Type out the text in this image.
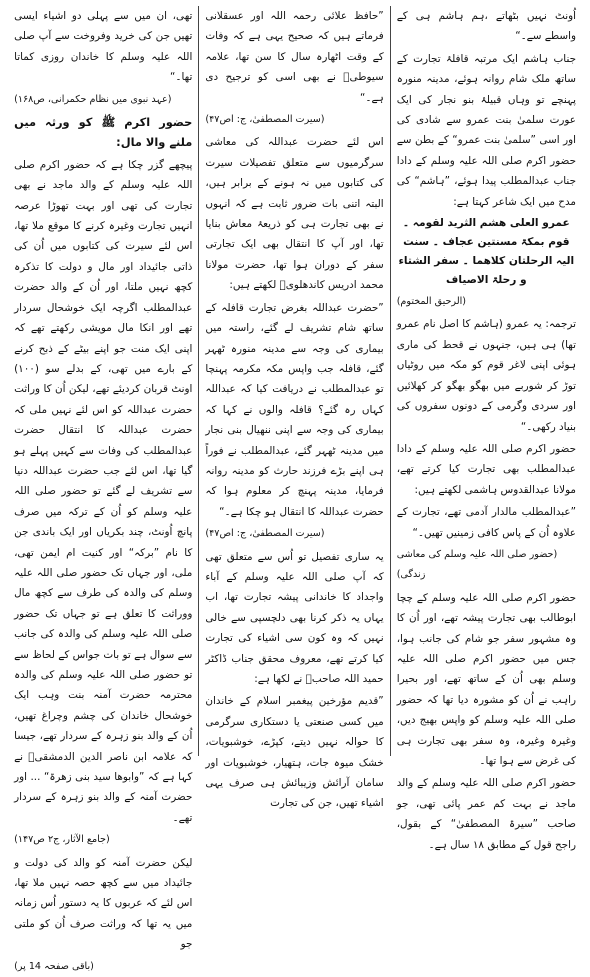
اُونٹ نہیں بٹھاتے ،ہم ہاشم ہی کے واسطے سے۔“

جناب ہاشم ایک مرتبہ قافلۂ تجارت کے ساتھ ملک شام روانہ ہوئے، مدینہ منورہ پہنچے تو وہاں قبیلۂ بنو نجار کی ایک عورت سلمیٰ بنت عمرو سے شادی کی اور اسی ”سلمیٰ بنت عمرو“ کے بطن سے حضور اکرم صلی اللہ علیہ وسلم کے دادا جناب عبدالمطلب پیدا ہوئے، ”ہاشم“ کی مدح میں ایک شاعر کہتا ہے:

عمرو العلی ھشم الثرید لقومہ ۔ قوم بمکۃ مسنتین عجاف ۔ سنت الیہ الرحلتان کلاھما ۔ سفر الشتاء و رحلۃ الاصیاف

(الرحیق المختوم)

ترجمہ: یہ عمرو (ہاشم کا اصل نام عمرو تھا) ہی ہیں، جنہوں نے قحط کی ماری ہوئی اپنی لاغر قوم کو مکہ میں روٹیاں توڑ کر شوربے میں بھگو بھگو کر کھلائیں اور سردی وگرمی کے دونوں سفروں کی بنیاد رکھی۔“

حضور اکرم صلی اللہ علیہ وسلم کے دادا عبدالمطلب بھی تجارت کیا کرتے تھے، مولانا عبدالقدوس ہاشمی لکھتے ہیں:

”عبدالمطلب مالدار آدمی تھے، تجارت کے علاوہ اُن کے پاس کافی زمینیں تھیں۔“

(حضور صلی اللہ علیہ وسلم کی معاشی زندگی)

حضور اکرم صلی اللہ علیہ وسلم کے چچا ابوطالب بھی تجارت پیشہ تھے، اور اُن کا وہ مشہور سفر جو شام کی جانب ہوا، جس میں حضور اکرم صلی اللہ علیہ وسلم بھی اُن کے ساتھ تھے، اور بحیرا راہب نے اُن کو مشورہ دیا تھا کہ حضور صلی اللہ علیہ وسلم کو واپس بھیج دیں، وغیرہ وغیرہ، وہ سفر بھی تجارت ہی کی غرض سے ہوا تھا۔

حضور اکرم صلی اللہ علیہ وسلم کے والد ماجد نے بہت کم عمر پائی تھی، جو صاحب ”سیرۃ المصطفیٰ“ کے بقول، راجح قول کے مطابق ۱۸ سال ہے۔

”حافظ علائی رحمہ اللہ اور عسقلانی فرماتے ہیں کہ صحیح یہی ہے کہ وفات کے وقت اٹھارہ سال کا سن تھا، علامہ سیوطیؒ نے بھی اسی کو ترجیح دی ہے۔“

(سیرت المصطفیٰ، ج: اص۴۷)

اس لئے حضرت عبداللہ کی معاشی سرگرمیوں سے متعلق تفصیلات سیرت کی کتابوں میں نہ ہونے کے برابر ہیں، البتہ اتنی بات ضرور ثابت ہے کہ انہوں نے بھی تجارت ہی کو ذریعۂ معاش بنایا تھا، اور آپ کا انتقال بھی ایک تجارتی سفر کے دوران ہوا تھا، حضرت مولانا محمد ادریس کاندھلویؒ لکھتے ہیں:

”حضرت عبداللہ بغرض تجارت قافلہ کے ساتھ شام تشریف لے گئے، راستہ میں بیماری کی وجہ سے مدینہ منورہ ٹھہر گئے، قافلہ جب واپس مکہ مکرمہ پہنچا تو عبدالمطلب نے دریافت کیا کہ عبداللہ کہاں رہ گئے؟ قافلہ والوں نے کہا کہ بیماری کی وجہ سے اپنی ننھیال بنی نجار میں مدینہ ٹھہر گئے، عبدالمطلب نے فوراً ہی اپنے بڑے فرزند حارث کو مدینہ روانہ فرمایا، مدینہ پہنچ کر معلوم ہوا کہ حضرت عبداللہ کا انتقال ہو چکا ہے۔“

(سیرت المصطفیٰ، ج: اص۴۷)

یہ ساری تفصیل تو اُس سے متعلق تھی کہ آپ صلی اللہ علیہ وسلم کے آباء واجداد کا خاندانی پیشہ تجارت تھا، اب یہاں یہ ذکر کرنا بھی دلچسپی سے خالی نہیں کہ وہ کون سی اشیاء کی تجارت کیا کرتے تھے، معروف محقق جناب ڈاکٹر حمید اللہ صاحبؒ نے لکھا ہے:

”قدیم مؤرخین پیغمبر اسلام کے خاندان میں کسی صنعتی یا دستکاری سرگرمی کا حوالہ نہیں دیتے، کپڑے، خوشبویات، خشک میوہ جات، ہتھیار، خوشبویات اور سامان آرائش وزیبائش ہی صرف یہی اشیاء تھیں، جن کی تجارت

تھی، ان میں سے پہلی دو اشیاء ایسی تھیں جن کی خرید وفروخت سے آپ صلی اللہ علیہ وسلم کا خاندان روزی کماتا تھا۔“

(عہد نبوی میں نظام حکمرانی، ص۱۶۸)

حضور اکرم ﷺ کو ورثہ میں ملنے والا مال:

پیچھے گزر چکا ہے کہ حضور اکرم صلی اللہ علیہ وسلم کے والد ماجد نے بھی تجارت کی تھی اور بہت تھوڑا عرصہ انہیں تجارت وغیرہ کرنے کا موقع ملا تھا، اس لئے سیرت کی کتابوں میں اُن کی ذاتی جائیداد اور مال و دولت کا تذکرہ کچھ نہیں ملتا، اور اُن کے والد حضرت عبدالمطلب اگرچہ ایک خوشحال سردار تھے اور انکا مال مویشی رکھتے تھے کہ اپنی ایک منت جو اپنے بیٹے کے ذبح کرنے کے بارے میں تھی، کے بدلے سو (۱۰۰) اونٹ قربان کردیئے تھے، لیکن اُن کا وراثت حضرت عبداللہ کو اس لئے نہیں ملی کہ حضرت عبداللہ کا انتقال حضرت عبدالمطلب کی وفات سے کہیں پہلے ہو گیا تھا، اس لئے جب حضرت عبداللہ دنیا سے تشریف لے گئے تو حضور صلی اللہ علیہ وسلم کو اُن کے ترکہ میں صرف پانچ اُونٹ، چند بکریاں اور ایک باندی جن کا نام ”برکہ“ اور کنیت ام ایمن تھی، ملی، اور جہاں تک حضور صلی اللہ علیہ وسلم کی والدہ کی طرف سے کچھ مال ووراثت کا تعلق ہے تو جہاں تک حضور صلی اللہ علیہ وسلم کی والدہ کی جانب سے سوال ہے تو بات جواس کے لحاظ سے تو حضور صلی اللہ علیہ وسلم کی والدہ محترمہ حضرت آمنہ بنت وہب ایک خوشحال خاندان کی چشم وچراغ تھیں، اُن کے والد بنو زہرہ کے سردار تھے، جیسا کہ علامہ ابن ناصر الدین الدمشقیؒ نے کہا ہے کہ ”وابوھا سید بنی زھرۃ“ ... اور حضرت آمنہ کے والد بنو زہرہ کے سردار تھے۔

(جامع الآثار، ج۲ ص۱۴۷)

لیکن حضرت آمنہ کو والد کی دولت و جائیداد میں سے کچھ حصہ نہیں ملا تھا، اس لئے کہ عربوں کا یہ دستور اُس زمانہ میں یہ تھا کہ وراثت صرف اُن کو ملتی جو

(باقی صفحہ 14 پر)
